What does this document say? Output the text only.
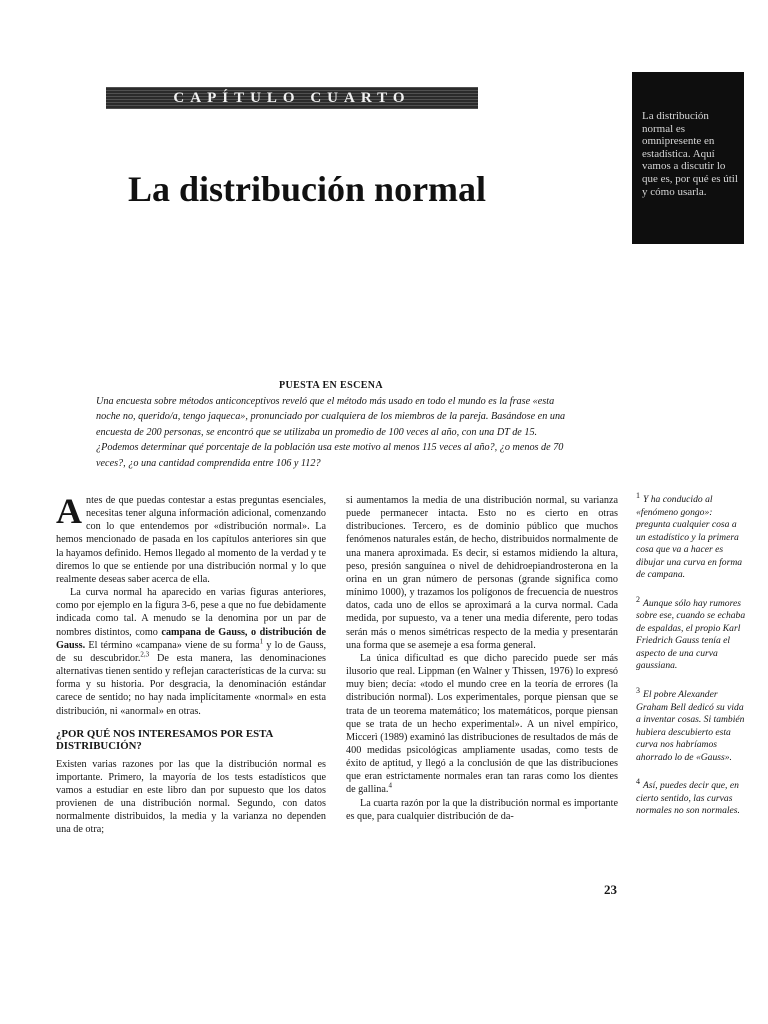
CAPÍTULO CUARTO
La distribución normal
La distribución normal es omnipresente en estadística. Aquí vamos a discutir lo que es, por qué es útil y cómo usarla.
PUESTA EN ESCENA
Una encuesta sobre métodos anticonceptivos reveló que el método más usado en todo el mundo es la frase «esta noche no, querido/a, tengo jaqueca», pronunciado por cualquiera de los miembros de la pareja. Basándose en una encuesta de 200 personas, se encontró que se utilizaba un promedio de 100 veces al año, con una DT de 15. ¿Podemos determinar qué porcentaje de la población usa este motivo al menos 115 veces al año?, ¿o menos de 70 veces?, ¿o una cantidad comprendida entre 106 y 112?

Antes de que puedas contestar a estas preguntas esenciales, necesitas tener alguna información adicional, comenzando con lo que entendemos por «distribución normal». La hemos mencionado de pasada en los capítulos anteriores sin que la hayamos definido. Hemos llegado al momento de la verdad y te diremos lo que se entiende por una distribución normal y lo que realmente deseas saber acerca de ella.

La curva normal ha aparecido en varias figuras anteriores, como por ejemplo en la figura 3-6, pese a que no fue debidamente indicada como tal. A menudo se la denomina por un par de nombres distintos, como campana de Gauss, o distribución de Gauss. El término «campana» viene de su forma$^1$ y lo de Gauss, de su descubridor.$^{2,3}$ De esta manera, las denominaciones alternativas tienen sentido y reflejan características de la curva: su forma y su historia. Por desgracia, la denominación estándar carece de sentido; no hay nada implícitamente «normal» en esta distribución, ni «anormal» en otras.

¿POR QUÉ NOS INTERESAMOS POR ESTA DISTRIBUCIÓN?

Existen varias razones por las que la distribución normal es importante. Primero, la mayoría de los tests estadísticos que vamos a estudiar en este libro dan por supuesto que los datos provienen de una distribución normal. Segundo, con datos normalmente distribuidos, la media y la varianza no dependen una de otra;

si aumentamos la media de una distribución normal, su varianza puede permanecer intacta. Esto no es cierto en otras distribuciones. Tercero, es de dominio público que muchos fenómenos naturales están, de hecho, distribuidos normalmente de una manera aproximada. Es decir, si estamos midiendo la altura, peso, presión sanguínea o nivel de dehidroepiandrosterona en la orina en un gran número de personas (grande significa como mínimo 1000), y trazamos los polígonos de frecuencia de nuestros datos, cada uno de ellos se aproximará a la curva normal. Cada medida, por supuesto, va a tener una media diferente, pero todas serán más o menos simétricas respecto de la media y presentarán una forma que se asemeje a esa forma general.

La única dificultad es que dicho parecido puede ser más ilusorio que real. Lippman (en Walner y Thissen, 1976) lo expresó muy bien; decía: «todo el mundo cree en la teoría de errores (la distribución normal). Los experimentales, porque piensan que se trata de un teorema matemático; los matemáticos, porque piensan que se trata de un hecho experimental». A un nivel empírico, Miccerì (1989) examinó las distribuciones de resultados de más de 400 medidas psicológicas ampliamente usadas, como tests de éxito de aptitud, y llegó a la conclusión de que las distribuciones que eran estrictamente normales eran tan raras como los dientes de gallina.$^4$

La cuarta razón por la que la distribución normal es importante es que, para cualquier distribución de da-

$^1$ Y ha conducido al «fenómeno gongo»: pregunta cualquier cosa a un estadístico y la primera cosa que va a hacer es dibujar una curva en forma de campana.
$^2$ Aunque sólo hay rumores sobre ese, cuando se echaba de espaldas, el propio Karl Friedrich Gauss tenía el aspecto de una curva gaussiana.
$^3$ El pobre Alexander Graham Bell dedicó su vida a inventar cosas. Si también hubiera descubierto esta curva nos habríamos ahorrado lo de «Gauss».
$^4$ Así, puedes decir que, en cierto sentido, las curvas normales no son normales.
23
